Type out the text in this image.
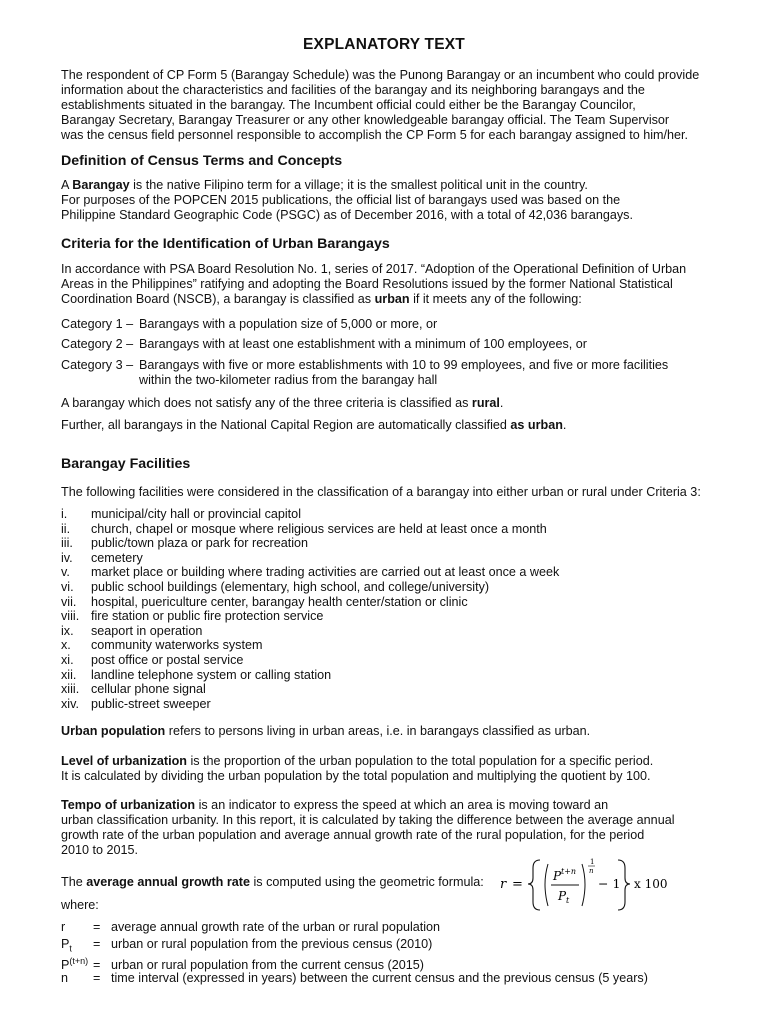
EXPLANATORY TEXT
The respondent of CP Form 5 (Barangay Schedule) was the Punong Barangay or an incumbent who could provide
information about the characteristics and facilities of the barangay and its neighboring barangays and the
establishments situated in the barangay. The Incumbent official could either be the Barangay Councilor,
Barangay Secretary, Barangay Treasurer or any other knowledgeable barangay official. The Team Supervisor
was the census field personnel responsible to accomplish the CP Form 5 for each barangay assigned to him/her.
Definition of Census Terms and Concepts
A Barangay is the native Filipino term for a village; it is the smallest political unit in the country.
For purposes of the POPCEN 2015 publications, the official list of barangays used was based on the
Philippine Standard Geographic Code (PSGC) as of December 2016, with a total of 42,036 barangays.
Criteria for the Identification of Urban Barangays
In accordance with PSA Board Resolution No. 1, series of 2017. “Adoption of the Operational Definition of Urban
Areas in the Philippines” ratifying and adopting the Board Resolutions issued by the former National Statistical
Coordination Board (NSCB), a barangay is classified as urban if it meets any of the following:
Category 1 – Barangays with a population size of 5,000 or more, or
Category 2 – Barangays with at least one establishment with a minimum of 100 employees, or
Category 3 – Barangays with five or more establishments with 10 to 99 employees, and five or more facilities
within the two-kilometer radius from the barangay hall
A barangay which does not satisfy any of the three criteria is classified as rural.
Further, all barangays in the National Capital Region are automatically classified as urban.
Barangay Facilities
The following facilities were considered in the classification of a barangay into either urban or rural under Criteria 3:
i. municipal/city hall or provincial capitol
ii. church, chapel or mosque where religious services are held at least once a month
iii. public/town plaza or park for recreation
iv. cemetery
v. market place or building where trading activities are carried out at least once a week
vi. public school buildings (elementary, high school, and college/university)
vii. hospital, puericulture center, barangay health center/station or clinic
viii. fire station or public fire protection service
ix. seaport in operation
x. community waterworks system
xi. post office or postal service
xii. landline telephone system or calling station
xiii. cellular phone signal
xiv. public-street sweeper
Urban population refers to persons living in urban areas, i.e. in barangays classified as urban.
Level of urbanization is the proportion of the urban population to the total population for a specific period.
It is calculated by dividing the urban population by the total population and multiplying the quotient by 100.
Tempo of urbanization is an indicator to express the speed at which an area is moving toward an
urban classification urbanity. In this report, it is calculated by taking the difference between the average annual
growth rate of the urban population and average annual growth rate of the rural population, for the period
2010 to 2015.
The average annual growth rate is computed using the geometric formula: r =
P t+n
P t
1
n
− 1 x 100
where:
r = average annual growth rate of the urban or rural population
$P_t$ = urban or rural population from the previous census (2010)
$P^{(t+n)}$ = urban or rural population from the current census (2015)
n = time interval (expressed in years) between the current census and the previous census (5 years)
